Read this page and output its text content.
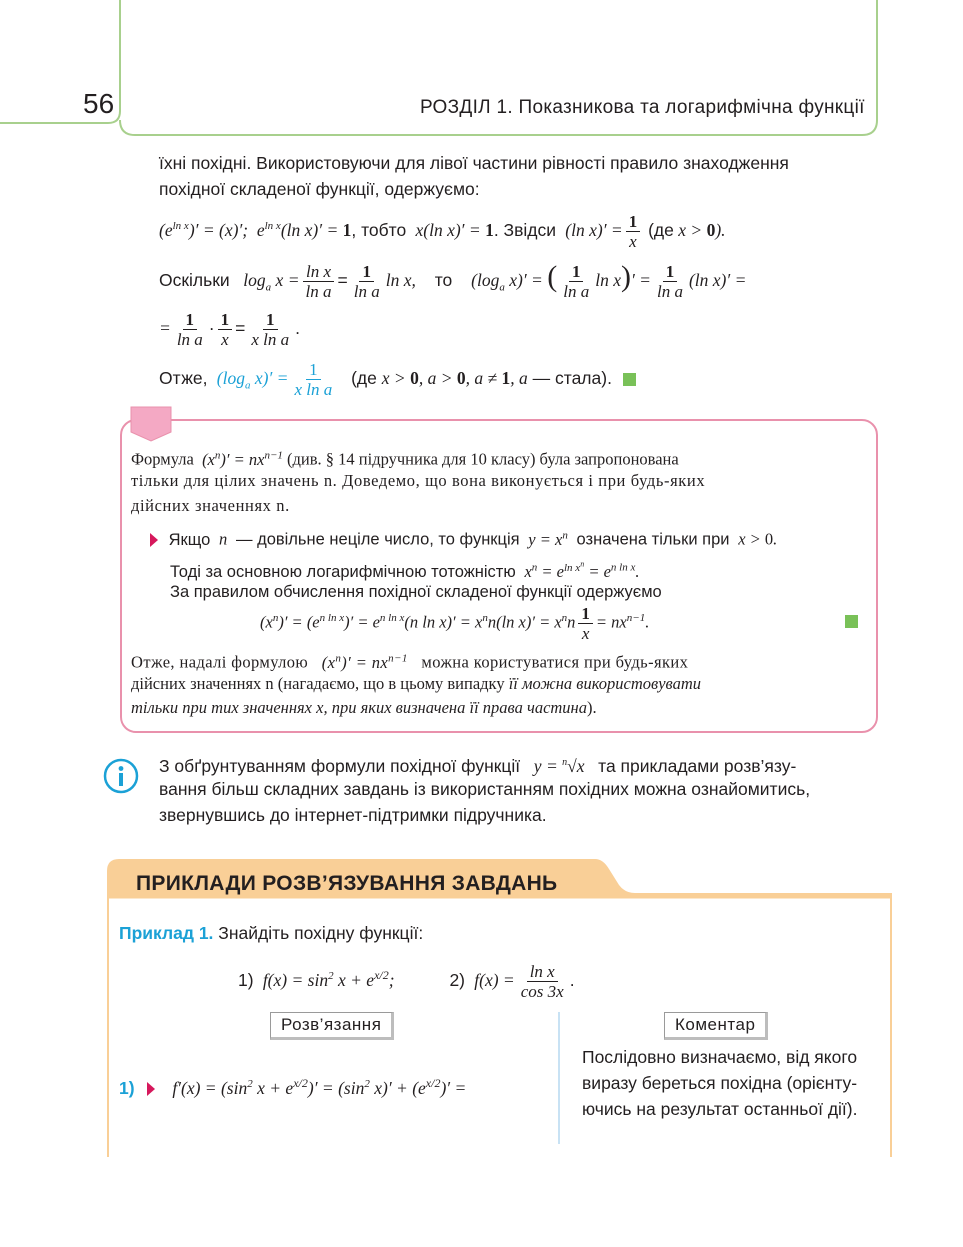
56	РОЗДІЛ 1. Показникова та логарифмічна функції
їхні похідні. Використовуючи для лівої частини рівності правило знаходження
похідної складеної функції, одержуємо:
$(e^{ln x})' = (x)'$;  $e^{ln x}(\ln$ x)′ = 1, тобто  x(ln x)′ = 1. Звідси  (ln $x)' = \frac{1}{x} (де$ x > 0).
Оскільки   $\log_a x = \frac{\text{ln x}}{\text{ln a}} = \frac{1}{\text{ln a}}$ ln x, то ($\log_a$ x)′ = ( $\frac{1}{\text{ln a}}$ $\ln x)' = \frac{1}{\text{ln a}} (\ln$ x)′ =
= $\frac{1}{\text{ln a}} \cdot \frac{1}{x} = \frac{1}{\text{x ln a}}$ .
Отже,  ($\log_a$ $x)' = \frac{1}{\text{x ln a}} (де$ x > 0, a > 0, a ≠ 1, a — стала).
Формула  $(x^n)' = nx^{n-1}$ (див. § 14 підручника для 10 класу) була запропонована
тільки для цілих значень n. Доведемо, що вона виконується і при будь-яких
дійсних значеннях n.
Якщо  n  — довільне неціле число, то функція  $y = x^n$ означена тільки при  x > 0.
Тоді за основною логарифмічною тотожністю  $x^n = e^{ln x^n} = e^{n ln x}$.
За правилом обчислення похідної складеної функції одержуємо
$(x^n)' = (e^{n ln x})' = e^{n ln x}(n$ $\ln x)' = x^nn(\ln$ $x)' = x^nn \frac{1}{x} = nx^{n-1}$.
Отже, надалі формулою   $(x^n)' = nx^{n-1}$ можна користуватися при будь-яких
дійсних значеннях n (нагадаємо, що в цьому випадку її можна використовувати
тільки при тих значеннях x, при яких визначена її права частина).
З обґрунтуванням формули похідної функції   y = $^n$√x   та прикладами розв’язу-
вання більш складних завдань із використанням похідних можна ознайомитись,
звернувшись до інтернет-підтримки підручника.
ПРИКЛАДИ РОЗВ’ЯЗУВАННЯ ЗАВДАНЬ
Приклад 1. Знайдіть похідну функції:
1)  $f(x) = \sin^2 x + e^{x/2}$;	2)  $f(x) = \frac{\text{ln x}}{\cos 3x}$ .
Розв’язання	Коментар
1) $f'(x) = (\sin^2$ $x + e^{x/2})' = (\sin^2$ $x)' + (e^{x/2})'$ =
Послідовно визначаємо, від якого
виразу береться похідна (орієнту-
ючись на результат останньої дії).
